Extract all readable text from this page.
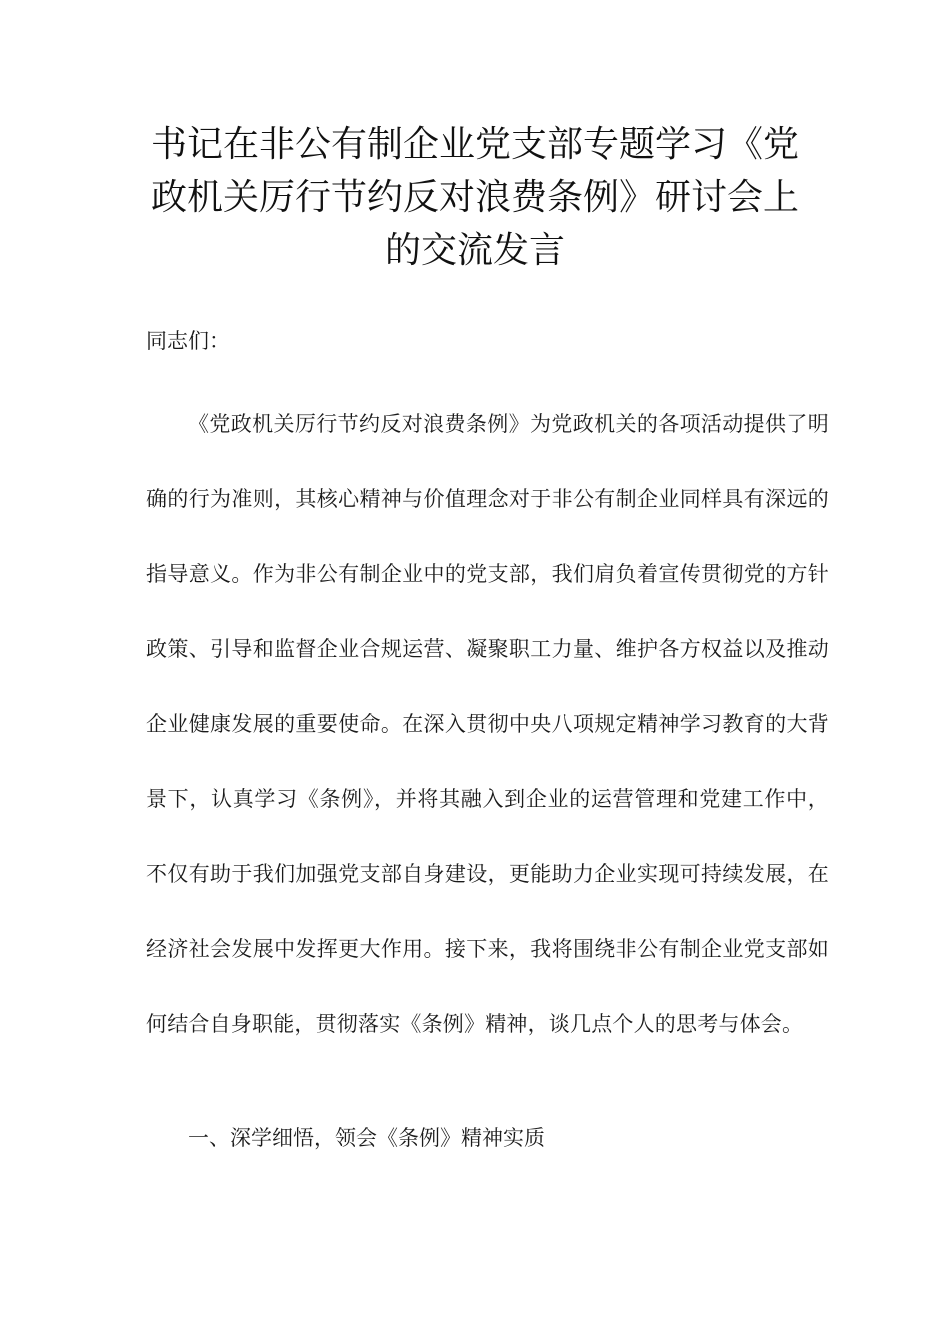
书记在非公有制企业党支部专题学习《党政机关厉行节约反对浪费条例》研讨会上的交流发言

同志们：

《党政机关厉行节约反对浪费条例》为党政机关的各项活动提供了明确的行为准则，其核心精神与价值理念对于非公有制企业同样具有深远的指导意义。作为非公有制企业中的党支部，我们肩负着宣传贯彻党的方针政策、引导和监督企业合规运营、凝聚职工力量、维护各方权益以及推动企业健康发展的重要使命。在深入贯彻中央八项规定精神学习教育的大背景下，认真学习《条例》，并将其融入到企业的运营管理和党建工作中，不仅有助于我们加强党支部自身建设，更能助力企业实现可持续发展，在经济社会发展中发挥更大作用。接下来，我将围绕非公有制企业党支部如何结合自身职能，贯彻落实《条例》精神，谈几点个人的思考与体会。

一、深学细悟，领会《条例》精神实质
